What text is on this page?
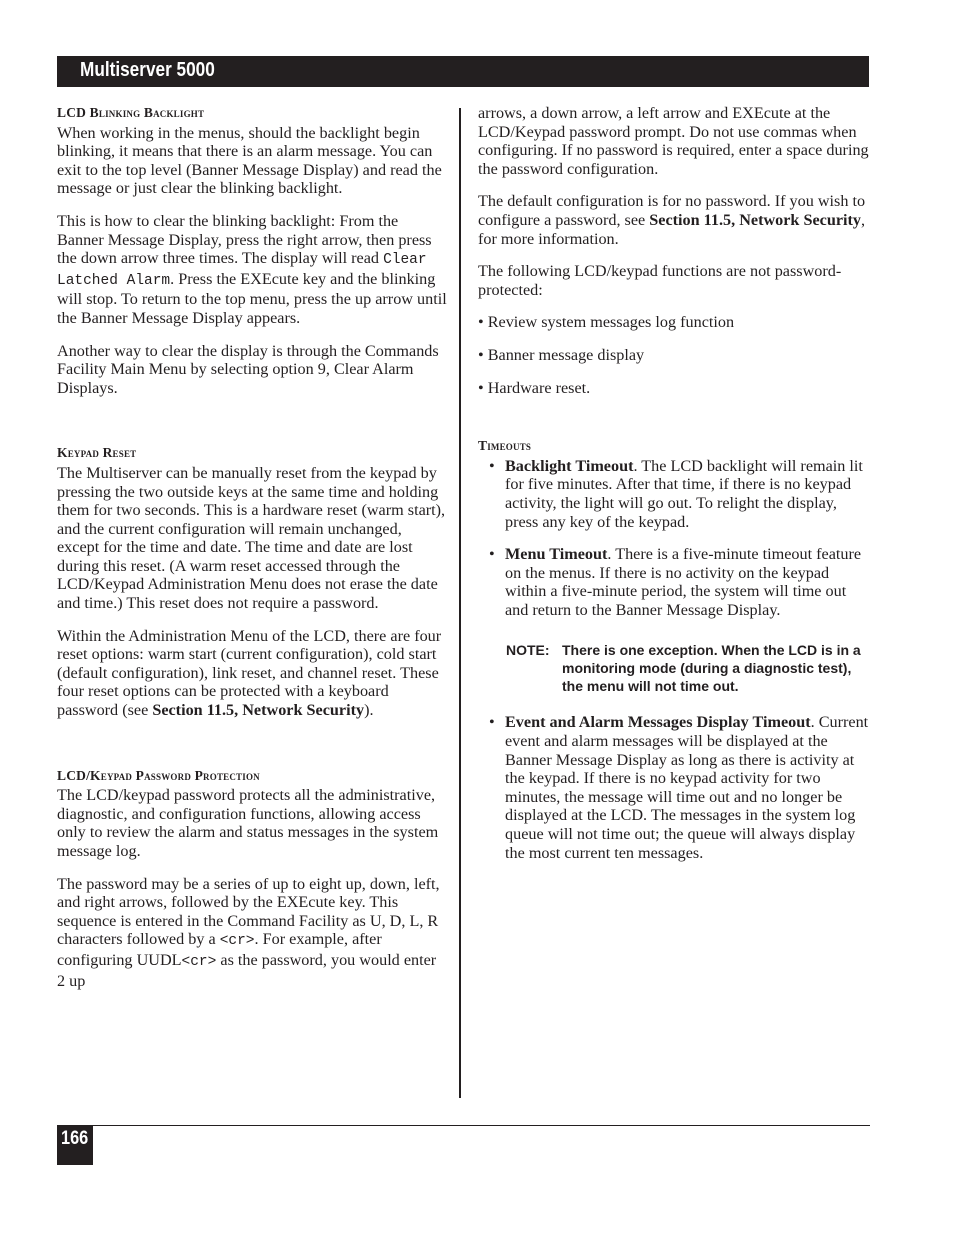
Multiserver 5000
LCD Blinking Backlight

When working in the menus, should the backlight begin blinking, it means that there is an alarm message. You can exit to the top level (Banner Message Display) and read the message or just clear the blinking backlight.

This is how to clear the blinking backlight: From the Banner Message Display, press the right arrow, then press the down arrow three times. The display will read Clear Latched Alarm. Press the EXEcute key and the blinking will stop. To return to the top menu, press the up arrow until the Banner Message Display appears.

Another way to clear the display is through the Commands Facility Main Menu by selecting option 9, Clear Alarm Displays.

Keypad Reset

The Multiserver can be manually reset from the keypad by pressing the two outside keys at the same time and holding them for two seconds. This is a hardware reset (warm start), and the current configuration will remain unchanged, except for the time and date. The time and date are lost during this reset. (A warm reset accessed through the LCD/Keypad Administration Menu does not erase the date and time.) This reset does not require a password.

Within the Administration Menu of the LCD, there are four reset options: warm start (current configuration), cold start (default configuration), link reset, and channel reset. These four reset options can be protected with a keyboard password (see Section 11.5, Network Security).

LCD/Keypad Password Protection

The LCD/keypad password protects all the administrative, diagnostic, and configuration functions, allowing access only to review the alarm and status messages in the system message log.

The password may be a series of up to eight up, down, left, and right arrows, followed by the EXEcute key. This sequence is entered in the Command Facility as U, D, L, R characters followed by a <cr>. For example, after configuring UUDL<cr> as the password, you would enter 2 up

arrows, a down arrow, a left arrow and EXEcute at the LCD/Keypad password prompt. Do not use commas when configuring. If no password is required, enter a space during the password configuration.

The default configuration is for no password. If you wish to configure a password, see Section 11.5, Network Security, for more information.

The following LCD/keypad functions are not password-protected:

• Review system messages log function
• Banner message display
• Hardware reset.
Timeouts
• Backlight Timeout. The LCD backlight will remain lit for five minutes. After that time, if there is no keypad activity, the light will go out. To relight the display, press any key of the keypad.
• Menu Timeout. There is a five-minute timeout feature on the menus. If there is no activity on the keypad within a five-minute period, the system will time out and return to the Banner Message Display.
NOTE: There is one exception. When the LCD is in a monitoring mode (during a diagnostic test), the menu will not time out.
• Event and Alarm Messages Display Timeout. Current event and alarm messages will be displayed at the Banner Message Display as long as there is activity at the keypad. If there is no keypad activity for two minutes, the message will time out and no longer be displayed at the LCD. The messages in the system log queue will not time out; the queue will always display the most current ten messages.
166
